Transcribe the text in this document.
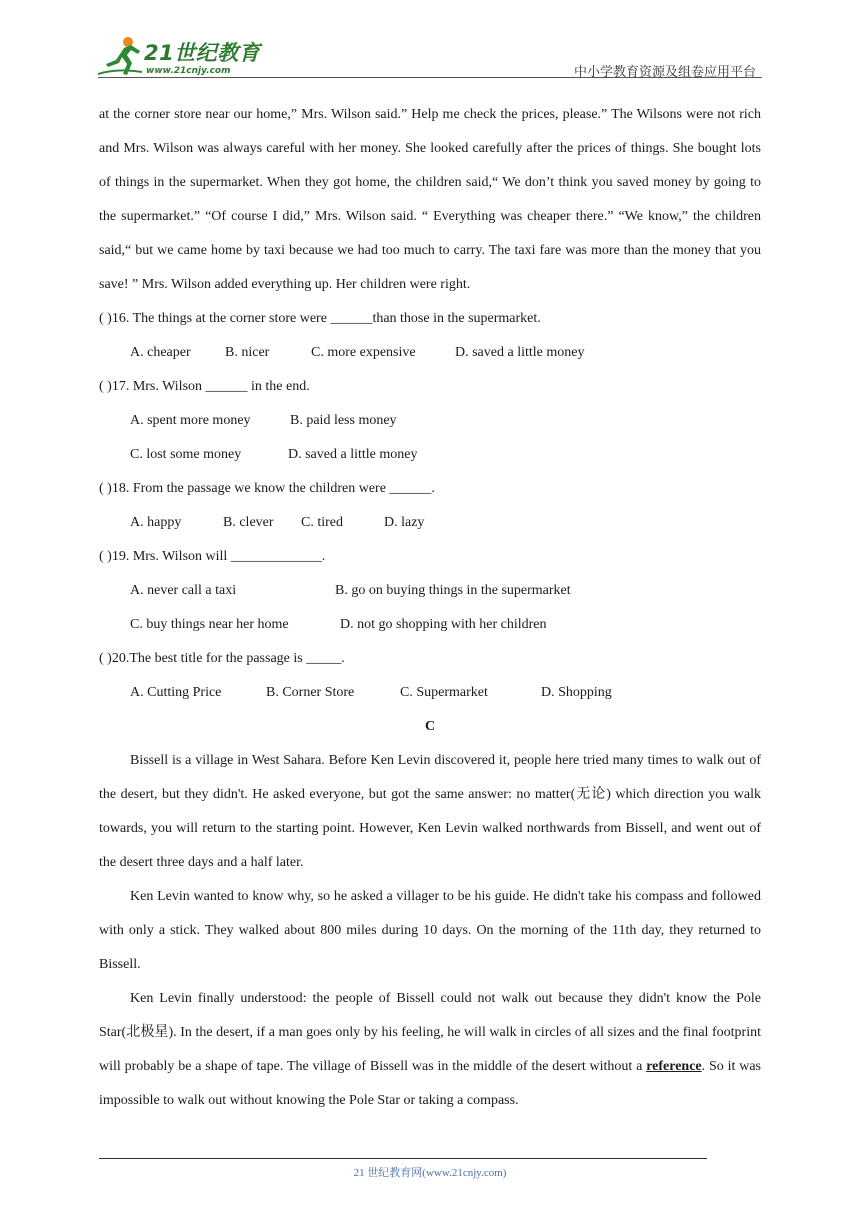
21世纪教育
www.21cnjy.com	中小学教育资源及组卷应用平台

at the corner store near our home,” Mrs. Wilson said.” Help me check the prices, please.” The Wilsons were not rich and Mrs. Wilson was always careful with her money. She looked carefully after the prices of things. She bought lots of things in the supermarket. When they got home, the children said,“ We don’t think you saved money by going to the supermarket.” “Of course I did,” Mrs. Wilson said. “ Everything was cheaper there.” “We know,” the children said,“ but we came home by taxi because we had too much to carry. The taxi fare was more than the money that you save! ” Mrs. Wilson added everything up. Her children were right.

( )16. The things at the corner store were ______than those in the supermarket.
A. cheaper B. nicer	C. more expensive	D. saved a little money
( )17. Mrs. Wilson ______ in the end.
A. spent more money	B. paid less money
C. lost some money	D. saved a little money
( )18. From the passage we know the children were ______.
A. happy	B. clever C. tired	D. lazy
( )19. Mrs. Wilson will _____________.
A. never call a taxi	B. go on buying things in the supermarket
C. buy things near her home	D. not go shopping with her children
( )20.The best title for the passage is _____.
A. Cutting Price	B. Corner Store	C. Supermarket	D. Shopping
C

Bissell is a village in West Sahara. Before Ken Levin discovered it, people here tried many times to walk out of the desert, but they didn't. He asked everyone, but got the same answer: no matter(无论) which direction you walk towards, you will return to the starting point. However, Ken Levin walked northwards from Bissell, and went out of the desert three days and a half later.

Ken Levin wanted to know why, so he asked a villager to be his guide. He didn't take his compass and followed with only a stick. They walked about 800 miles during 10 days. On the morning of the 11th day, they returned to Bissell.

Ken Levin finally understood: the people of Bissell could not walk out because they didn't know the Pole Star(北极星). In the desert, if a man goes only by his feeling, he will walk in circles of all sizes and the final footprint will probably be a shape of tape. The village of Bissell was in the middle of the desert without a reference. So it was impossible to walk out without knowing the Pole Star or taking a compass.

21 世纪教育网(www.21cnjy.com)
